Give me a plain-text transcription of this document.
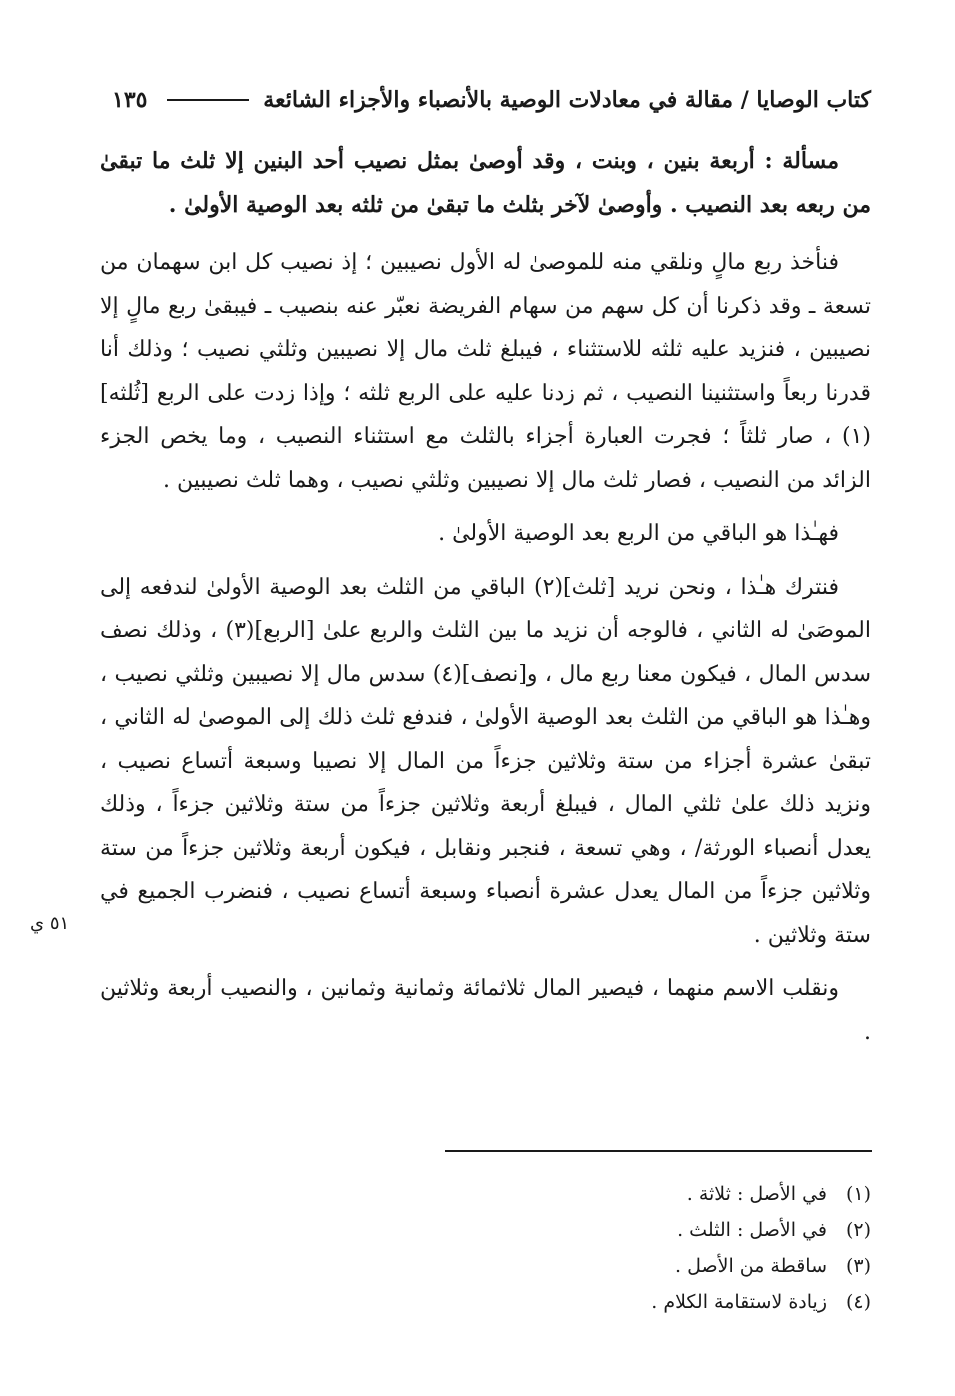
كتاب الوصايا / مقالة في معادلات الوصية بالأنصباء والأجزاء الشائعة
١٣٥

مسألة : أربعة بنين ، وبنت ، وقد أوصىٰ بمثل نصيب أحد البنين إلا ثلث ما تبقىٰ من ربعه بعد النصيب . وأوصىٰ لآخر بثلث ما تبقىٰ من ثلثه بعد الوصية الأولىٰ .

فنأخذ ربع مالٍ ونلقي منه للموصىٰ له الأول نصيبين ؛ إذ نصيب كل ابن سهمان من تسعة ـ وقد ذكرنا أن كل سهم من سهام الفريضة نعبّر عنه بنصيب ـ فيبقىٰ ربع مالٍ إلا نصيبين ، فنزيد عليه ثلثه للاستثناء ، فيبلغ ثلث مال إلا نصيبين وثلثي نصيب ؛ وذلك أنا قدرنا ربعاً واستثنينا النصيب ، ثم زدنا عليه على الربع ثلثه ؛ وإذا زدت على الربع [ثُلثه](١) ، صار ثلثاً ؛ فجرت العبارة أجزاء بالثلث مع استثناء النصيب ، وما يخص الجزء الزائد من النصيب ، فصار ثلث مال إلا نصيبين وثلثي نصيب ، وهما ثلث نصيبين .

فهـٰذا هو الباقي من الربع بعد الوصية الأولىٰ .

فنترك هـٰذا ، ونحن نريد [ثلث](٢) الباقي من الثلث بعد الوصية الأولىٰ لندفعه إلى الموصَىٰ له الثاني ، فالوجه أن نزيد ما بين الثلث والربع علىٰ [الربع](٣) ، وذلك نصف سدس المال ، فيكون معنا ربع مال ، و[نصف](٤) سدس مال إلا نصيبين وثلثي نصيب ، وهـٰذا هو الباقي من الثلث بعد الوصية الأولىٰ ، فندفع ثلث ذلك إلى الموصىٰ له الثاني ، تبقىٰ عشرة أجزاء من ستة وثلاثين جزءاً من المال إلا نصيبا وسبعة أتساع نصيب ، ونزيد ذلك علىٰ ثلثي المال ، فيبلغ أربعة وثلاثين جزءاً من ستة وثلاثين جزءاً ، وذلك يعدل أنصباء الورثة/ ، وهي تسعة ، فنجبر ونقابل ، فيكون أربعة وثلاثين جزءاً من ستة وثلاثين جزءاً من المال يعدل عشرة أنصباء وسبعة أتساع نصيب ، فنضرب الجميع في ستة وثلاثين .

ونقلب الاسم منهما ، فيصير المال ثلاثمائة وثمانية وثمانين ، والنصيب أربعة وثلاثين .

٥١ ي
(١)
في الأصل : ثلاثة .
(٢)
في الأصل : الثلث .
(٣)
ساقطة من الأصل .
(٤)
زيادة لاستقامة الكلام .
